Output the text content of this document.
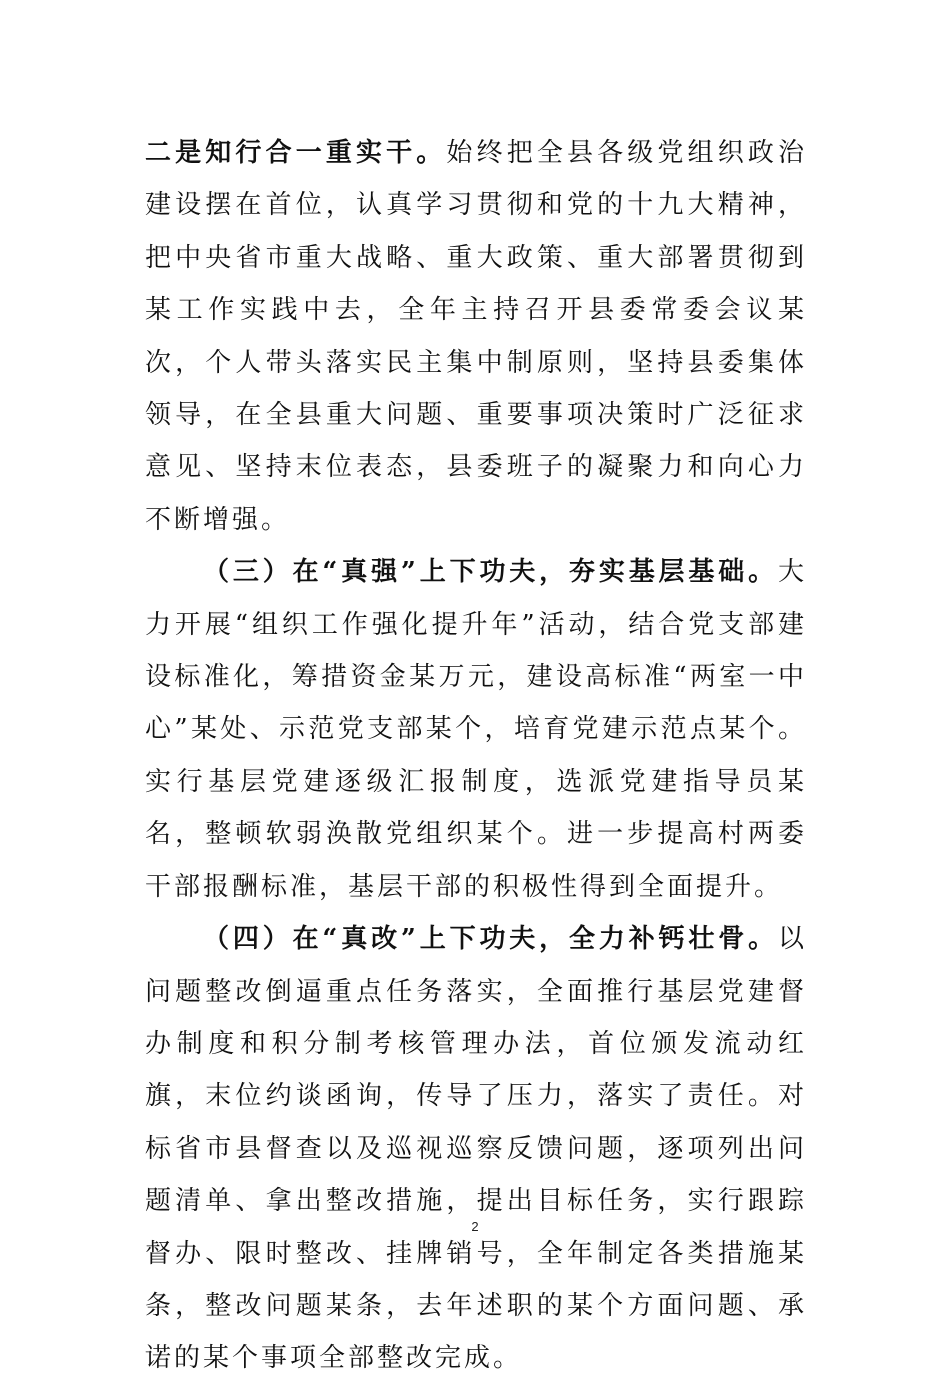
二是知行合一重实干。始终把全县各级党组织政治建设摆在首位，认真学习贯彻和党的十九大精神，把中央省市重大战略、重大政策、重大部署贯彻到某工作实践中去，全年主持召开县委常委会议某次，个人带头落实民主集中制原则，坚持县委集体领导，在全县重大问题、重要事项决策时广泛征求意见、坚持末位表态，县委班子的凝聚力和向心力不断增强。

（三）在“真强”上下功夫，夯实基层基础。大力开展“组织工作强化提升年”活动，结合党支部建设标准化，筹措资金某万元，建设高标准“两室一中心”某处、示范党支部某个，培育党建示范点某个。实行基层党建逐级汇报制度，选派党建指导员某名，整顿软弱涣散党组织某个。进一步提高村两委干部报酬标准，基层干部的积极性得到全面提升。

（四）在“真改”上下功夫，全力补钙壮骨。以问题整改倒逼重点任务落实，全面推行基层党建督办制度和积分制考核管理办法，首位颁发流动红旗，末位约谈函询，传导了压力，落实了责任。对标省市县督查以及巡视巡察反馈问题，逐项列出问题清单、拿出整改措施，提出目标任务，实行跟踪督办、限时整改、挂牌销号，全年制定各类措施某条，整改问题某条，去年述职的某个方面问题、承诺的某个事项全部整改完成。

2
